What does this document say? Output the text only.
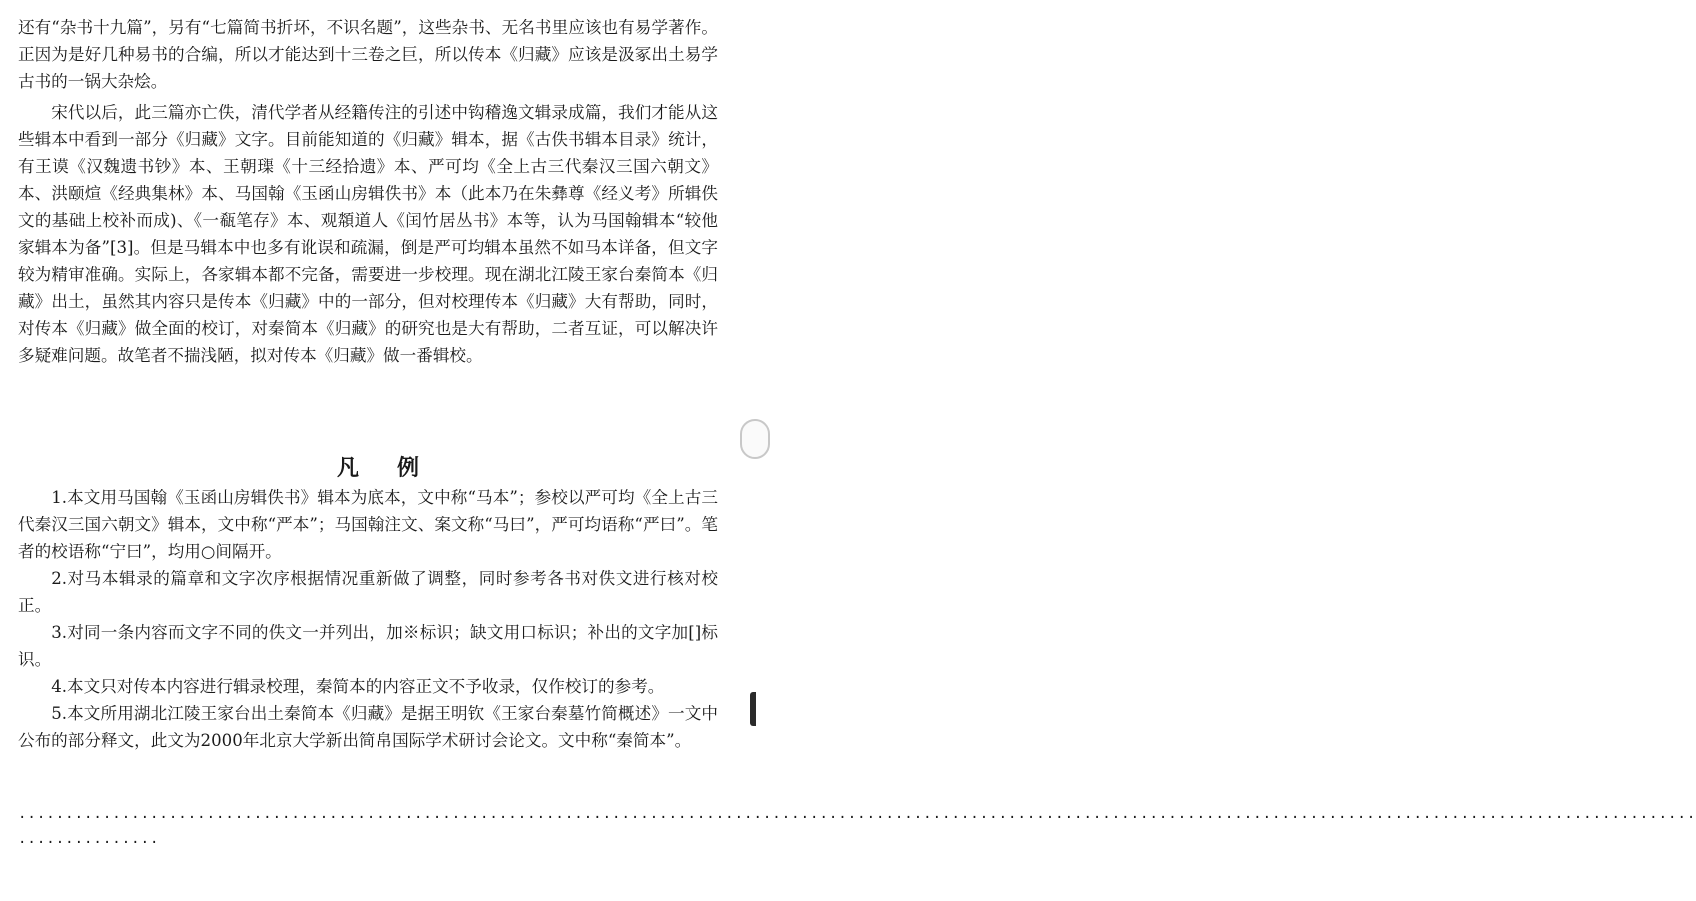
还有“杂书十九篇”，另有“七篇简书折坏，不识名题”，这些杂书、无名书里应该也有易学著作。正因为是好几种易书的合编，所以才能达到十三卷之巨，所以传本《归藏》应该是汲冢出土易学古书的一锅大杂烩。

宋代以后，此三篇亦亡佚，清代学者从经籍传注的引述中钩稽逸文辑录成篇，我们才能从这些辑本中看到一部分《归藏》文字。目前能知道的《归藏》辑本，据《古佚书辑本目录》统计，有王谟《汉魏遗书钞》本、王朝璖《十三经拾遗》本、严可均《全上古三代秦汉三国六朝文》本、洪颐煊《经典集林》本、马国翰《玉函山房辑佚书》本（此本乃在朱彝尊《经义考》所辑佚文的基础上校补而成)、《一瓻笔存》本、观頮道人《闰竹居丛书》本等，认为马国翰辑本“较他家辑本为备”[3]。但是马辑本中也多有讹误和疏漏，倒是严可均辑本虽然不如马本详备，但文字较为精审准确。实际上，各家辑本都不完备，需要进一步校理。现在湖北江陵王家台秦简本《归藏》出土，虽然其内容只是传本《归藏》中的一部分，但对校理传本《归藏》大有帮助，同时，对传本《归藏》做全面的校订，对秦简本《归藏》的研究也是大有帮助，二者互证，可以解决许多疑难问题。故笔者不揣浅陋，拟对传本《归藏》做一番辑校。

凡例

1.本文用马国翰《玉函山房辑佚书》辑本为底本，文中称“马本”；参校以严可均《全上古三代秦汉三国六朝文》辑本，文中称“严本”；马国翰注文、案文称“马曰”，严可均语称“严曰”。笔者的校语称“宁曰”，均用○间隔开。

2.对马本辑录的篇章和文字次序根据情况重新做了调整，同时参考各书对佚文进行核对校正。

3.对同一条内容而文字不同的佚文一并列出，加※标识；缺文用口标识；补出的文字加[]标识。

4.本文只对传本内容进行辑录校理，秦简本的内容正文不予收录，仅作校订的参考。

5.本文所用湖北江陵王家台出土秦简本《归藏》是据王明钦《王家台秦墓竹简概述》一文中公布的部分释文，此文为2000年北京大学新出简帛国际学术研讨会论文。文中称“秦简本”。

..................................................................................................................................................................................
...............
